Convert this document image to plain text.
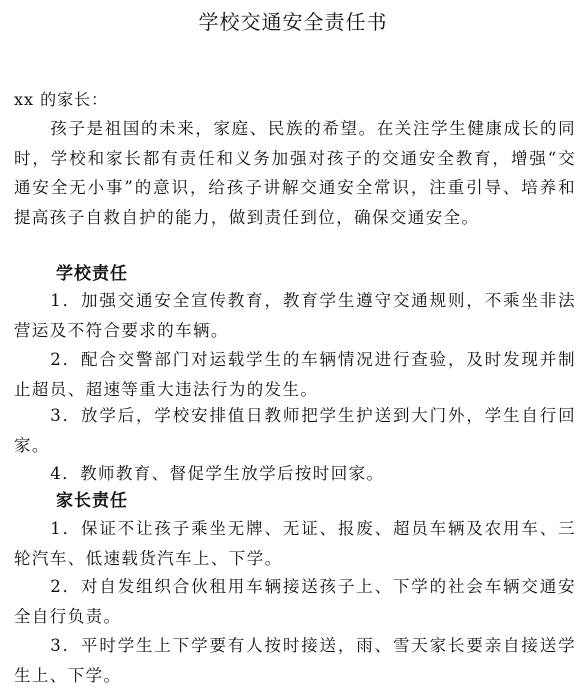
学校交通安全责任书
xx 的家长：
孩子是祖国的未来，家庭、民族的希望。在关注学生健康成长的同时，学校和家长都有责任和义务加强对孩子的交通安全教育，增强“交通安全无小事”的意识，给孩子讲解交通安全常识，注重引导、培养和提高孩子自救自护的能力，做到责任到位，确保交通安全。
学校责任
1．加强交通安全宣传教育，教育学生遵守交通规则，不乘坐非法营运及不符合要求的车辆。
2．配合交警部门对运载学生的车辆情况进行查验，及时发现并制止超员、超速等重大违法行为的发生。
3．放学后，学校安排值日教师把学生护送到大门外，学生自行回家。
4．教师教育、督促学生放学后按时回家。
家长责任
1．保证不让孩子乘坐无牌、无证、报废、超员车辆及农用车、三轮汽车、低速载货汽车上、下学。
2．对自发组织合伙租用车辆接送孩子上、下学的社会车辆交通安全自行负责。
3．平时学生上下学要有人按时接送，雨、雪天家长要亲自接送学生上、下学。
